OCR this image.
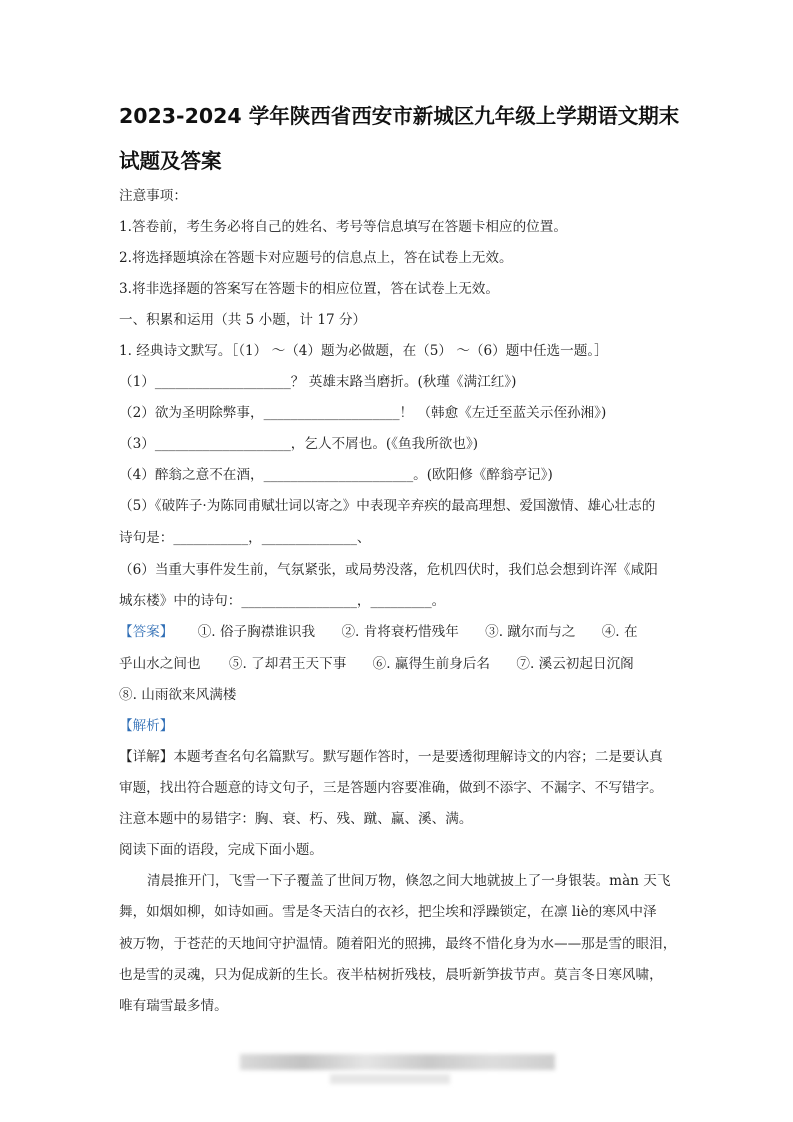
2023-2024 学年陕西省西安市新城区九年级上学期语文期末
试题及答案
注意事项：
1.答卷前，考生务必将自己的姓名、考号等信息填写在答题卡相应的位置。
2.将选择题填涂在答题卡对应题号的信息点上，答在试卷上无效。
3.将非选择题的答案写在答题卡的相应位置，答在试卷上无效。
一、积累和运用（共 5 小题，计 17 分）
1. 经典诗文默写。［（1） ～（4）题为必做题，在（5） ～（6）题中任选一题。］
（1）____________________？ 英雄末路当磨折。(秋瑾《满江红》)
（2）欲为圣明除弊事，____________________！ （韩愈《左迁至蓝关示侄孙湘》)
（3）____________________，乞人不屑也。(《鱼我所欲也》)
（4）醉翁之意不在酒，______________________。(欧阳修《醉翁亭记》)
（5）《破阵子·为陈同甫赋壮词以寄之》中表现辛弃疾的最高理想、爱国激情、雄心壮志的
诗句是：___________，______________、
（6）当重大事件发生前，气氛紧张，或局势没落，危机四伏时，我们总会想到许浑《咸阳
城东楼》中的诗句：_________________，_________。
【答案】 ①. 俗子胸襟谁识我 ②. 肯将衰朽惜残年 ③. 蹴尔而与之 ④. 在
乎山水之间也 ⑤. 了却君王天下事 ⑥. 赢得生前身后名 ⑦. 溪云初起日沉阁
⑧. 山雨欲来风满楼
【解析】
【详解】本题考查名句名篇默写。默写题作答时，一是要透彻理解诗文的内容；二是要认真
审题，找出符合题意的诗文句子，三是答题内容要准确，做到不添字、不漏字、不写错字。
注意本题中的易错字：胸、衰、朽、残、蹴、赢、溪、满。
阅读下面的语段，完成下面小题。
清晨推开门，飞雪一下子覆盖了世间万物，倏忽之间大地就披上了一身银装。màn 天飞
舞，如烟如柳，如诗如画。雪是冬天洁白的衣衫，把尘埃和浮躁锁定，在凛 liè的寒风中泽
被万物，于苍茫的天地间守护温情。随着阳光的照拂，最终不惜化身为水——那是雪的眼泪，
也是雪的灵魂，只为促成新的生长。夜半枯树折残枝，晨听新笋拔节声。莫言冬日寒风啸，
唯有瑞雪最多情。
